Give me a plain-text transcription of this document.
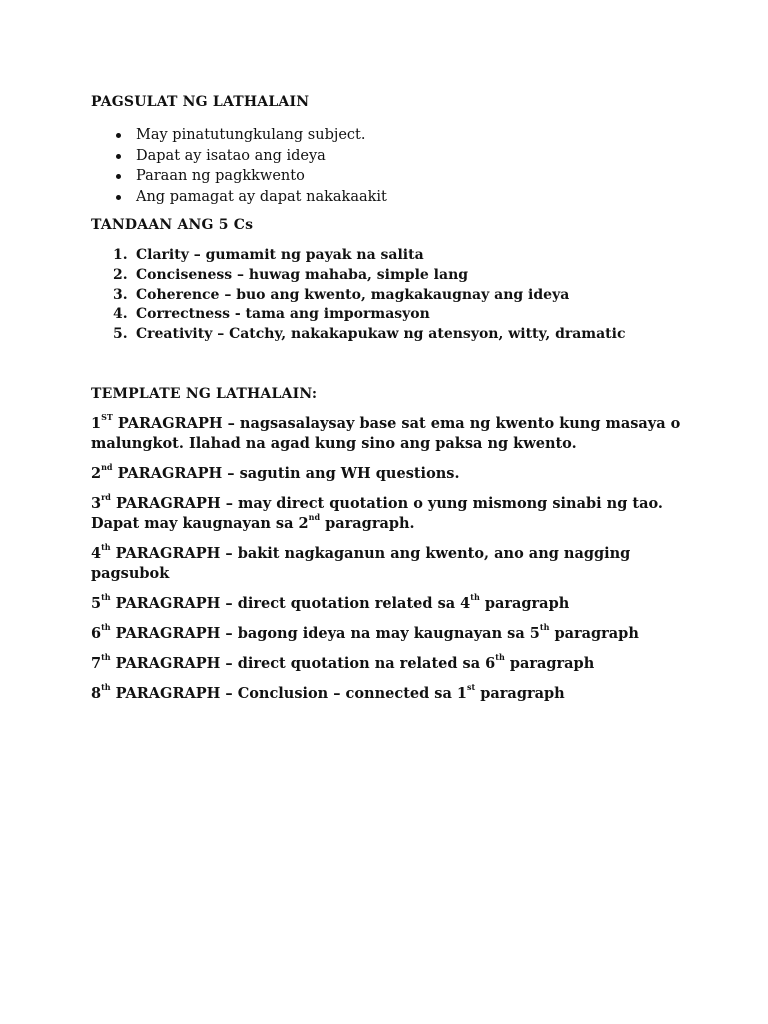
PAGSULAT NG LATHALAIN
May pinatutungkulang subject.
Dapat ay isatao ang ideya
Paraan ng pagkkwento
Ang pamagat ay dapat nakakaakit
TANDAAN ANG 5 Cs
1. Clarity – gumamit ng payak na salita
2. Conciseness – huwag mahaba, simple lang
3. Coherence – buo ang kwento, magkakaugnay ang ideya
4. Correctness - tama ang impormasyon
5. Creativity – Catchy, nakakapukaw ng atensyon, witty, dramatic
TEMPLATE NG LATHALAIN:

1ST PARAGRAPH – nagsasalaysay base sat ema ng kwento kung masaya o malungkot. Ilahad na agad kung sino ang paksa ng kwento.

2nd PARAGRAPH – sagutin ang WH questions.

3rd PARAGRAPH – may direct quotation o yung mismong sinabi ng tao. Dapat may kaugnayan sa 2nd paragraph.

4th PARAGRAPH – bakit nagkaganun ang kwento, ano ang nagging pagsubok

5th PARAGRAPH – direct quotation related sa 4th paragraph

6th PARAGRAPH – bagong ideya na may kaugnayan sa 5th paragraph

7th PARAGRAPH – direct quotation na related sa 6th paragraph

8th PARAGRAPH – Conclusion – connected sa 1st paragraph
